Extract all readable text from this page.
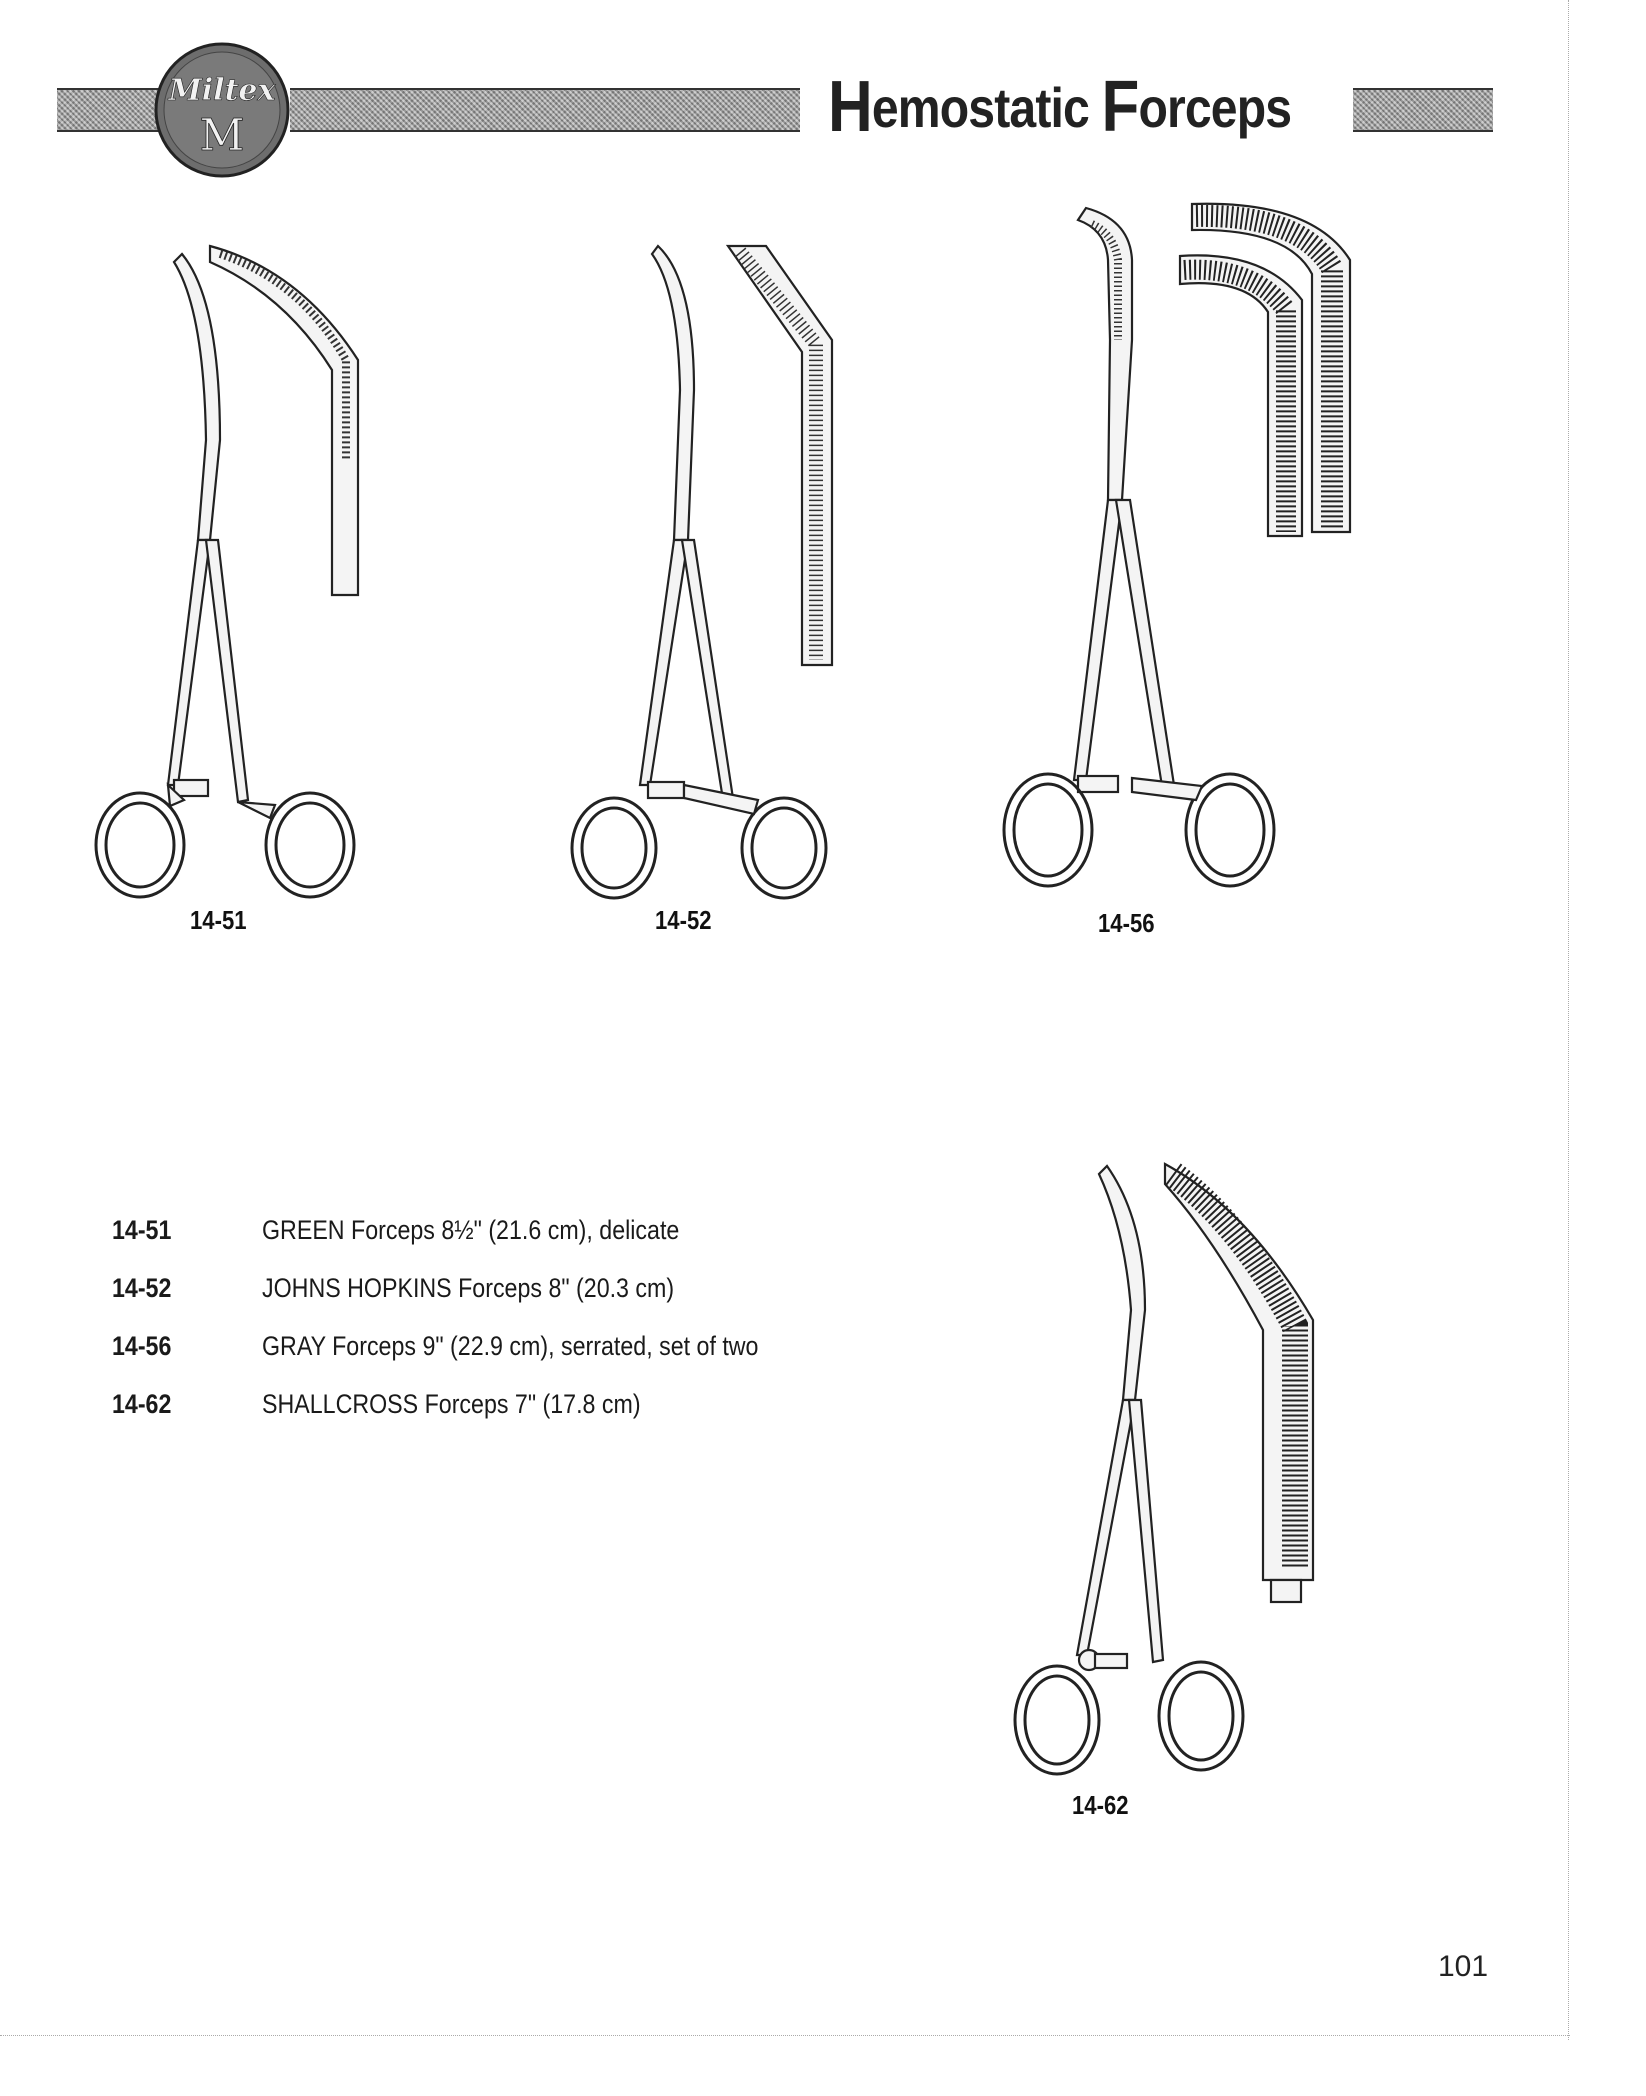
Miltex
M	Hemostatic Forceps
14-51	14-52	14-56
14-62
14-51	GREEN Forceps 8½" (21.6 cm), delicate
14-52	JOHNS HOPKINS Forceps 8" (20.3 cm)
14-56	GRAY Forceps 9" (22.9 cm), serrated, set of two
14-62	SHALLCROSS Forceps 7" (17.8 cm)
101
